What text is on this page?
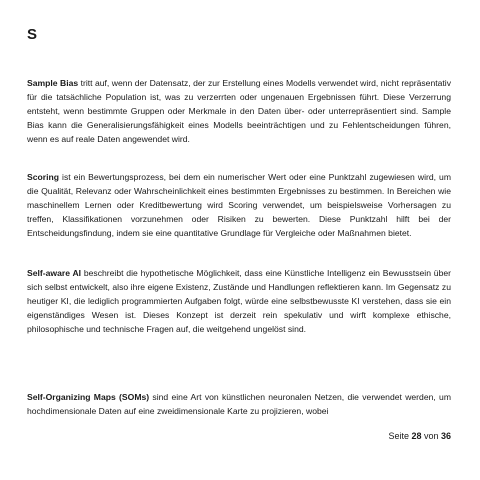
S

Sample Bias tritt auf, wenn der Datensatz, der zur Erstellung eines Modells verwendet wird, nicht repräsentativ für die tatsächliche Population ist, was zu verzerrten oder ungenauen Ergebnissen führt. Diese Verzerrung entsteht, wenn bestimmte Gruppen oder Merkmale in den Daten über- oder unterrepräsentiert sind. Sample Bias kann die Generalisierungsfähigkeit eines Modells beeinträchtigen und zu Fehlentscheidungen führen, wenn es auf reale Daten angewendet wird.

Scoring ist ein Bewertungsprozess, bei dem ein numerischer Wert oder eine Punktzahl zugewiesen wird, um die Qualität, Relevanz oder Wahrscheinlichkeit eines bestimmten Ergebnisses zu bestimmen. In Bereichen wie maschinellem Lernen oder Kreditbewertung wird Scoring verwendet, um beispielsweise Vorhersagen zu treffen, Klassifikationen vorzunehmen oder Risiken zu bewerten. Diese Punktzahl hilft bei der Entscheidungsfindung, indem sie eine quantitative Grundlage für Vergleiche oder Maßnahmen bietet.

Self-aware AI beschreibt die hypothetische Möglichkeit, dass eine Künstliche Intelligenz ein Bewusstsein über sich selbst entwickelt, also ihre eigene Existenz, Zustände und Handlungen reflektieren kann. Im Gegensatz zu heutiger KI, die lediglich programmierten Aufgaben folgt, würde eine selbstbewusste KI verstehen, dass sie ein eigenständiges Wesen ist. Dieses Konzept ist derzeit rein spekulativ und wirft komplexe ethische, philosophische und technische Fragen auf, die weitgehend ungelöst sind.

Self-Organizing Maps (SOMs) sind eine Art von künstlichen neuronalen Netzen, die verwendet werden, um hochdimensionale Daten auf eine zweidimensionale Karte zu projizieren, wobei

Seite 28 von 36
